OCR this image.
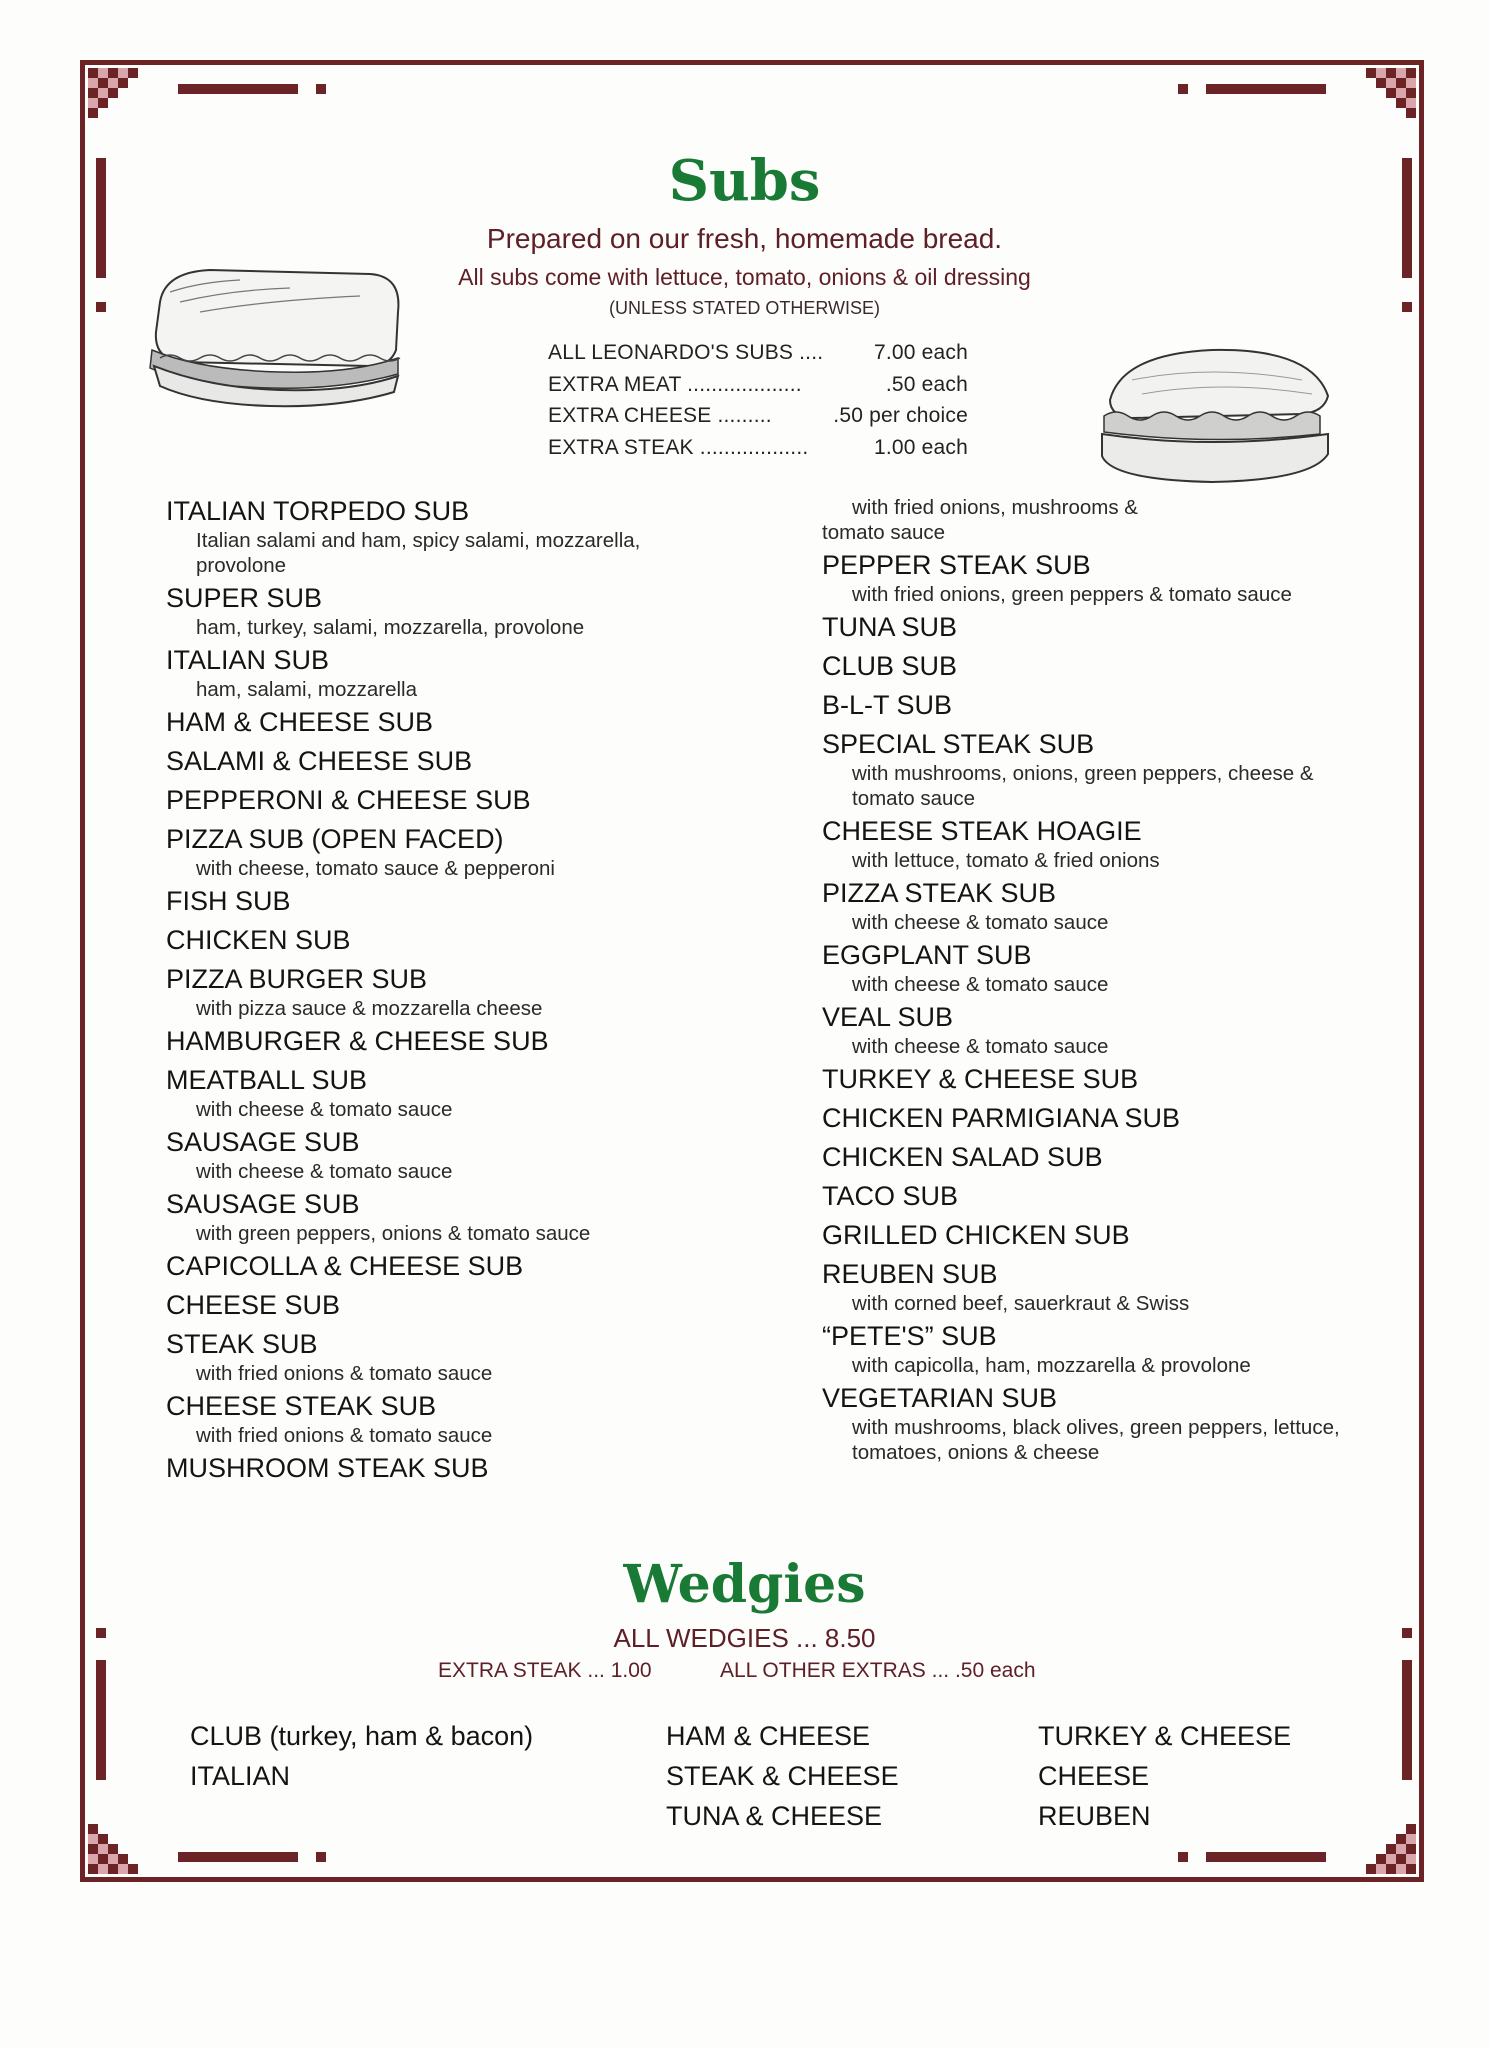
Subs
Prepared on our fresh, homemade bread.
All subs come with lettuce, tomato, onions & oil dressing
(UNLESS STATED OTHERWISE)
ALL LEONARDO'S SUBS .... 7.00 each
EXTRA MEAT ...................	.50 each
EXTRA CHEESE .........	.50 per choice
EXTRA STEAK ..................	1.00 each
ITALIAN TORPEDO SUB
Italian salami and ham, spicy salami, mozzarella, provolone
SUPER SUB
ham, turkey, salami, mozzarella, provolone
ITALIAN SUB
ham, salami, mozzarella
HAM & CHEESE SUB
SALAMI & CHEESE SUB
PEPPERONI & CHEESE SUB
PIZZA SUB (OPEN FACED)
with cheese, tomato sauce & pepperoni
FISH SUB
CHICKEN SUB
PIZZA BURGER SUB
with pizza sauce & mozzarella cheese
HAMBURGER & CHEESE SUB
MEATBALL SUB
with cheese & tomato sauce
SAUSAGE SUB
with cheese & tomato sauce
SAUSAGE SUB
with green peppers, onions & tomato sauce
CAPICOLLA & CHEESE SUB
CHEESE SUB
STEAK SUB
with fried onions & tomato sauce
CHEESE STEAK SUB
with fried onions & tomato sauce
MUSHROOM STEAK SUB
with fried onions, mushrooms & tomato sauce
PEPPER STEAK SUB
with fried onions, green peppers & tomato sauce
TUNA SUB
CLUB SUB
B-L-T SUB
SPECIAL STEAK SUB
with mushrooms, onions, green peppers, cheese & tomato sauce
CHEESE STEAK HOAGIE
with lettuce, tomato & fried onions
PIZZA STEAK SUB
with cheese & tomato sauce
EGGPLANT SUB
with cheese & tomato sauce
VEAL SUB
with cheese & tomato sauce
TURKEY & CHEESE SUB
CHICKEN PARMIGIANA SUB
CHICKEN SALAD SUB
TACO SUB
GRILLED CHICKEN SUB
REUBEN SUB
with corned beef, sauerkraut & Swiss
“PETE'S” SUB
with capicolla, ham, mozzarella & provolone
VEGETARIAN SUB
with mushrooms, black olives, green peppers, lettuce, tomatoes, onions & cheese
Wedgies
ALL WEDGIES ... 8.50
EXTRA STEAK ... 1.00	ALL OTHER EXTRAS ... .50 each
CLUB (turkey, ham & bacon)
ITALIAN
HAM & CHEESE
STEAK & CHEESE
TUNA & CHEESE
TURKEY & CHEESE
CHEESE
REUBEN
